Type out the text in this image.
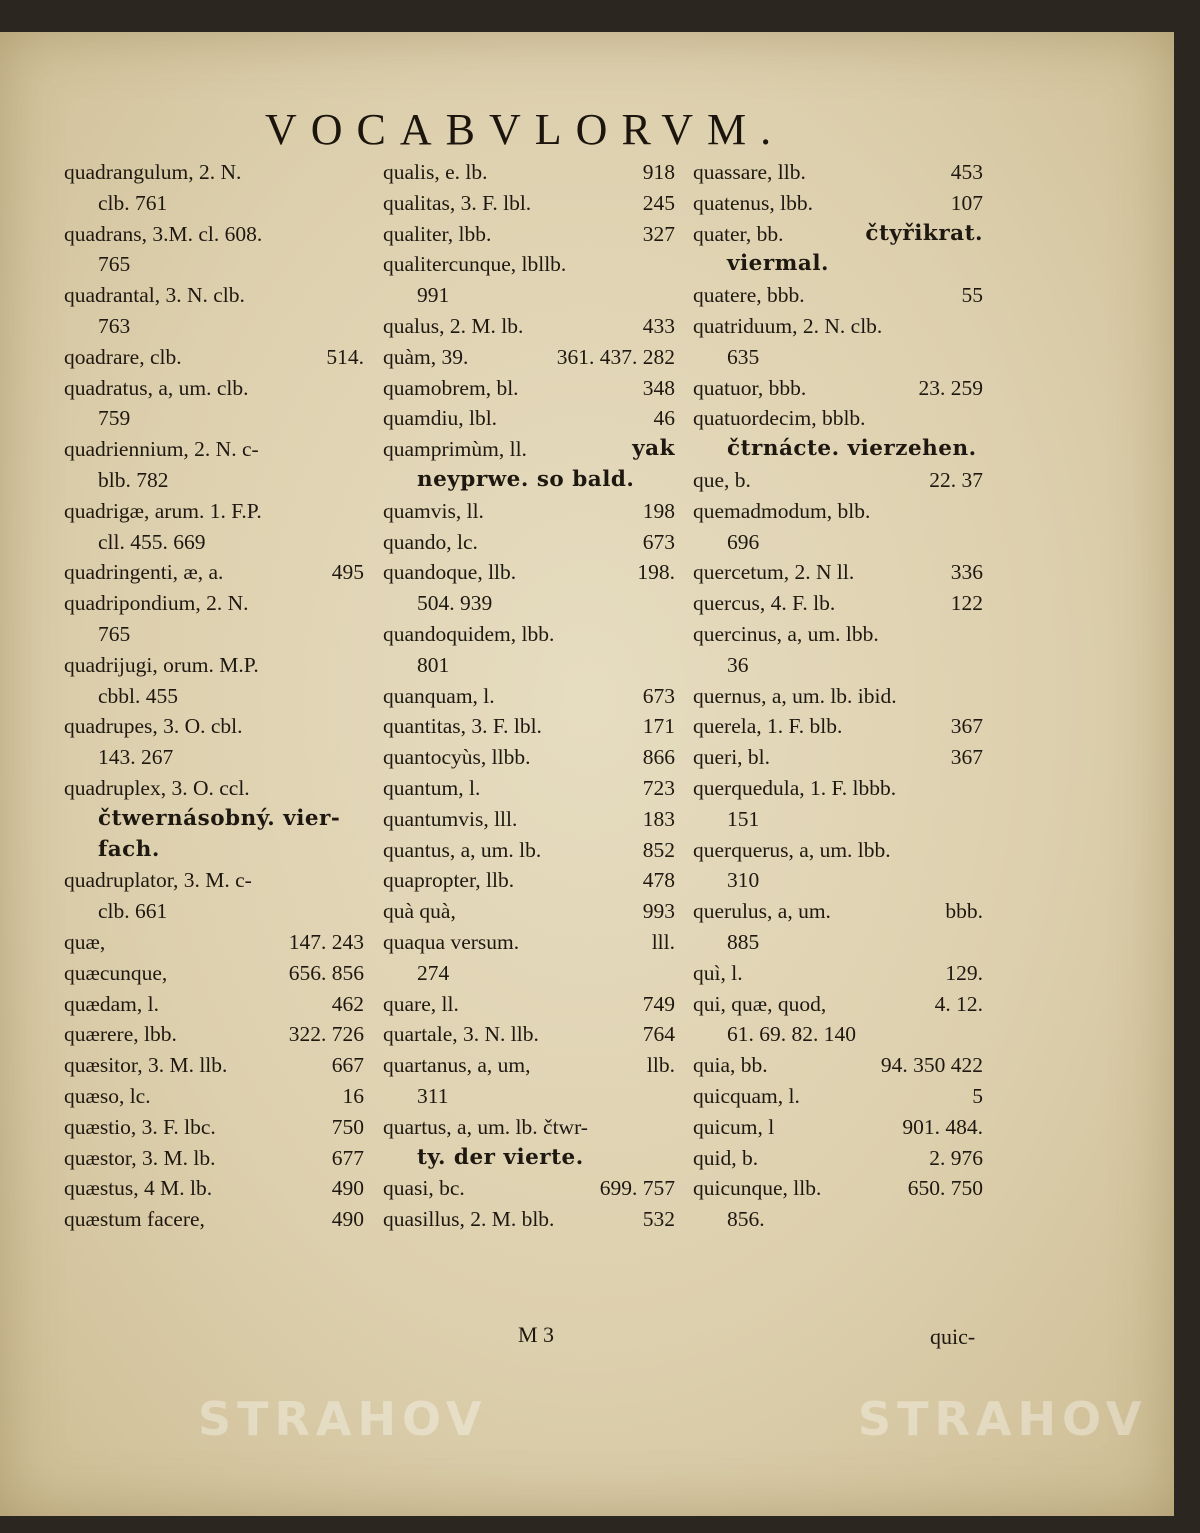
VOCABVLORVM.
quadrangulum, 2. N.
clb. 761
quadrans, 3.M. cl. 608.
765
quadrantal, 3. N. clb.
763
qoadrare, clb.	514.
quadratus, a, um. clb.
759
quadriennium, 2. N. c-
blb. 782
quadrigæ, arum. 1. F.P.
cll. 455. 669
quadringenti, æ, a.	495
quadripondium, 2. N.
765
quadrijugi, orum. M.P.
cbbl. 455
quadrupes, 3. O. cbl.
143. 267
quadruplex, 3. O. ccl.
čtwernásobný. vier-
fach.
quadruplator, 3. M. c-
clb. 661
quæ,	147. 243
quæcunque,	656. 856
quædam, l.	462
quærere, lbb.	322. 726
quæsitor, 3. M. llb.	667
quæso, lc.	16
quæstio, 3. F. lbc.	750
quæstor, 3. M. lb.	677
quæstus, 4 M. lb.	490
quæstum facere,	490
qualis, e. lb.	918
qualitas, 3. F. lbl.	245
qualiter, lbb.	327
qualitercunque, lbllb.
991
qualus, 2. M. lb.	433
quàm, 39.	361. 437. 282
quamobrem, bl.	348
quamdiu, lbl.	46
quamprimùm, ll.	yak
neyprwe. so bald.
quamvis, ll.	198
quando, lc.	673
quandoque, llb.	198.
504. 939
quandoquidem, lbb.
801
quanquam, l.	673
quantitas, 3. F. lbl.	171
quantocyùs, llbb.	866
quantum, l.	723
quantumvis, lll.	183
quantus, a, um. lb.	852
quapropter, llb.	478
quà quà,	993
quaqua versum.	lll.
274
quare, ll.	749
quartale, 3. N. llb.	764
quartanus, a, um,	llb.
311
quartus, a, um. lb. čtwr-
ty. der vierte.
quasi, bc.	699. 757
quasillus, 2. M. blb.	532
quassare, llb.	453
quatenus, lbb.	107
quater, bb.	čtyřikrat.
viermal.
quatere, bbb.	55
quatriduum, 2. N. clb.
635
quatuor, bbb.	23. 259
quatuordecim, bblb.
čtrnácte. vierzehen.
que, b.	22. 37
quemadmodum, blb.
696
quercetum, 2. N ll.	336
quercus, 4. F. lb.	122
quercinus, a, um. lbb.
36
quernus, a, um. lb. ibid.
querela, 1. F. blb.	367
queri, bl.	367
querquedula, 1. F. lbbb.
151
querquerus, a, um. lbb.
310
querulus, a, um.	bbb.
885
quì, l.	129.
qui, quæ, quod,	4. 12.
61. 69. 82. 140
quia, bb.	94. 350 422
quicquam, l.	5
quicum, l	901. 484.
quid, b.	2. 976
quicunque, llb.	650. 750
856.
M 3	quic-
STRAHOV	STRAHOV
